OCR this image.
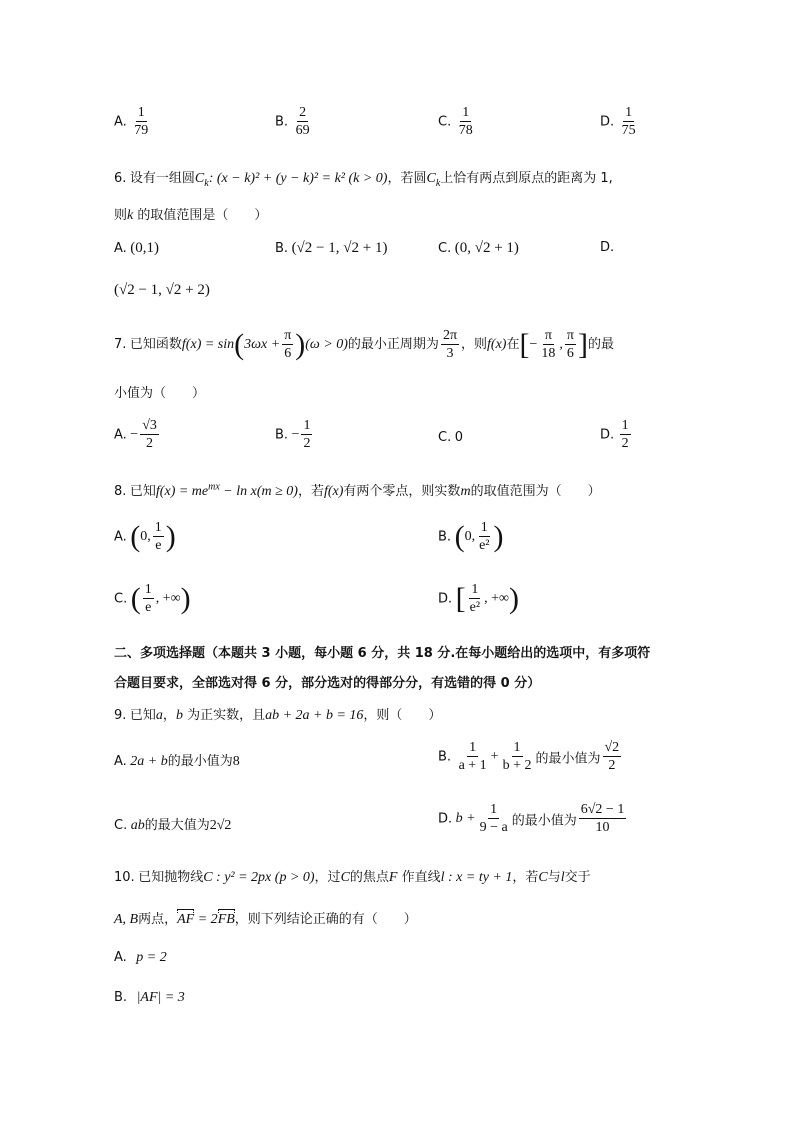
A. $\frac{1}{79}$	B. $\frac{2}{69}$	C. $\frac{1}{78}$	D. $\frac{1}{75}$
6. 设有一组圆$C_k$: (x − k)² + (y − k)² = k² (k > 0)，若圆$C_k$上恰有两点到原点的距离为 1,
则k 的取值范围是（　　）
A. (0,1)	B. (√2 − 1, √2 + 1)	C. (0, √2 + 1)	D.
(√2 − 1, √2 + 2)
7. 已知函数$f(x) = \sin(3\omega x + \frac{\pi}{6} )(\omega > 0)$的最小正周期为 $\frac{2\pi}{3}$ ，则f(x)在[− $\frac{\pi}{18}$ , $\frac{\pi}{6}$ ]的最
小值为（　　）
A. − $\frac{√3}{2}$	B. − $\frac{1}{2}$	C. 0	D. $\frac{1}{2}$
8. 已知$f(x) = me^{mx} - \ln x(m \ge 0)$，若f(x)有两个零点，则实数m的取值范围为（　　）
A. (0, $\frac{1}{e}$ )	B. (0, $\frac{1}{\text{e²}}$ )
C. ( $\frac{1}{e}$ , +∞)	D. [ $\frac{1}{\text{e²}}$ , +∞)
二、多项选择题（本题共 3 小题，每小题 6 分，共 18 分.在每小题给出的选项中，有多项符
合题目要求，全部选对得 6 分，部分选对的得部分分，有选错的得 0 分）
9. 已知a，b 为正实数，且ab + 2a + b = 16，则（　　）
A. 2a + b的最小值为8	B. $\frac{1}{a + 1} + \frac{1}{b + 2}$ 的最小值为 $\frac{√2}{2}$
C. ab的最大值为2√2	D. $b + \frac{1}{9 - a}$ 的最小值为 $\frac{6√2 - 1}{10}$
10. 已知抛物线C : y² = 2px (p > 0)，过C的焦点F 作直线l : x = ty + 1，若C与l交于
A, B两点，AF = 2FB，则下列结论正确的有（　　）
A. p = 2
B. |AF| = 3
